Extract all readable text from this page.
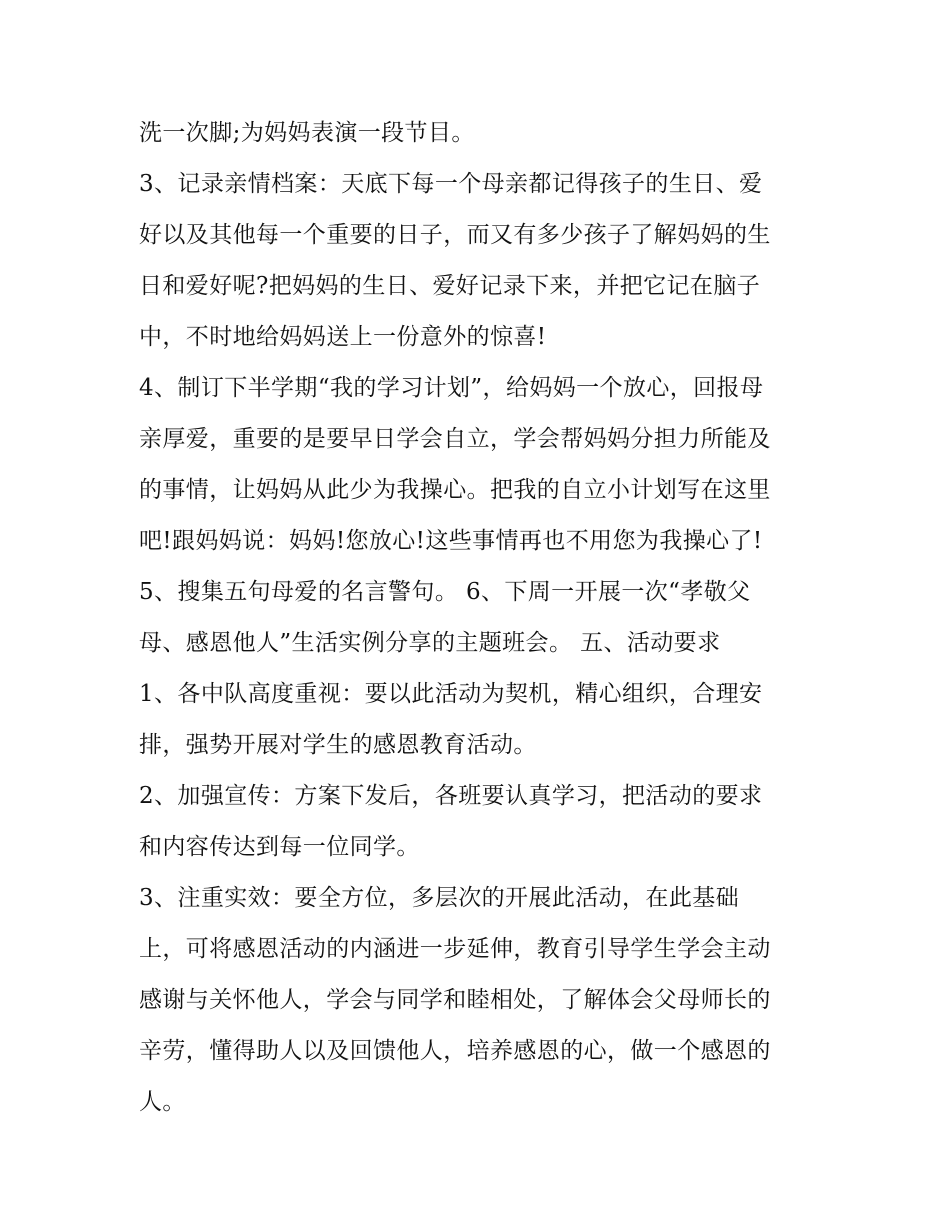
洗一次脚;为妈妈表演一段节目。
3、记录亲情档案：天底下每一个母亲都记得孩子的生日、爱
好以及其他每一个重要的日子，而又有多少孩子了解妈妈的生
日和爱好呢?把妈妈的生日、爱好记录下来，并把它记在脑子
中，不时地给妈妈送上一份意外的惊喜!
4、制订下半学期“我的学习计划”，给妈妈一个放心，回报母
亲厚爱，重要的是要早日学会自立，学会帮妈妈分担力所能及
的事情，让妈妈从此少为我操心。把我的自立小计划写在这里
吧!跟妈妈说：妈妈!您放心!这些事情再也不用您为我操心了!
5、搜集五句母爱的名言警句。 6、下周一开展一次“孝敬父
母、感恩他人”生活实例分享的主题班会。 五、活动要求
1、各中队高度重视：要以此活动为契机，精心组织，合理安
排，强势开展对学生的感恩教育活动。
2、加强宣传：方案下发后，各班要认真学习，把活动的要求
和内容传达到每一位同学。
3、注重实效：要全方位，多层次的开展此活动，在此基础
上，可将感恩活动的内涵进一步延伸，教育引导学生学会主动
感谢与关怀他人，学会与同学和睦相处，了解体会父母师长的
辛劳，懂得助人以及回馈他人，培养感恩的心，做一个感恩的
人。
